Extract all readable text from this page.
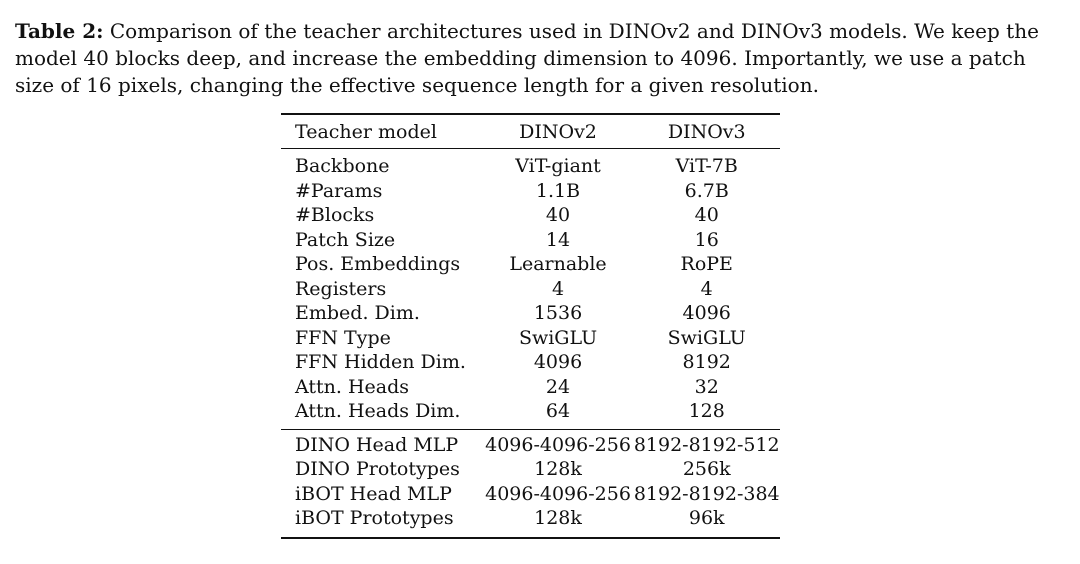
Table 2: Comparison of the teacher architectures used in DINOv2 and DINOv3 models. We keep the model 40 blocks deep, and increase the embedding dimension to 4096. Importantly, we use a patch size of 16 pixels, changing the effective sequence length for a given resolution.
Teacher model	DINOv2	DINOv3
Backbone	ViT-giant	ViT-7B
#Params	1.1B	6.7B
#Blocks	40	40
Patch Size	14	16
Pos. Embeddings	Learnable	RoPE
Registers	4	4
Embed. Dim.	1536	4096
FFN Type	SwiGLU	SwiGLU
FFN Hidden Dim.	4096	8192
Attn. Heads	24	32
Attn. Heads Dim.	64	128
DINO Head MLP	4096-4096-256	8192-8192-512
DINO Prototypes	128k	256k
iBOT Head MLP	4096-4096-256	8192-8192-384
iBOT Prototypes	128k	96k
